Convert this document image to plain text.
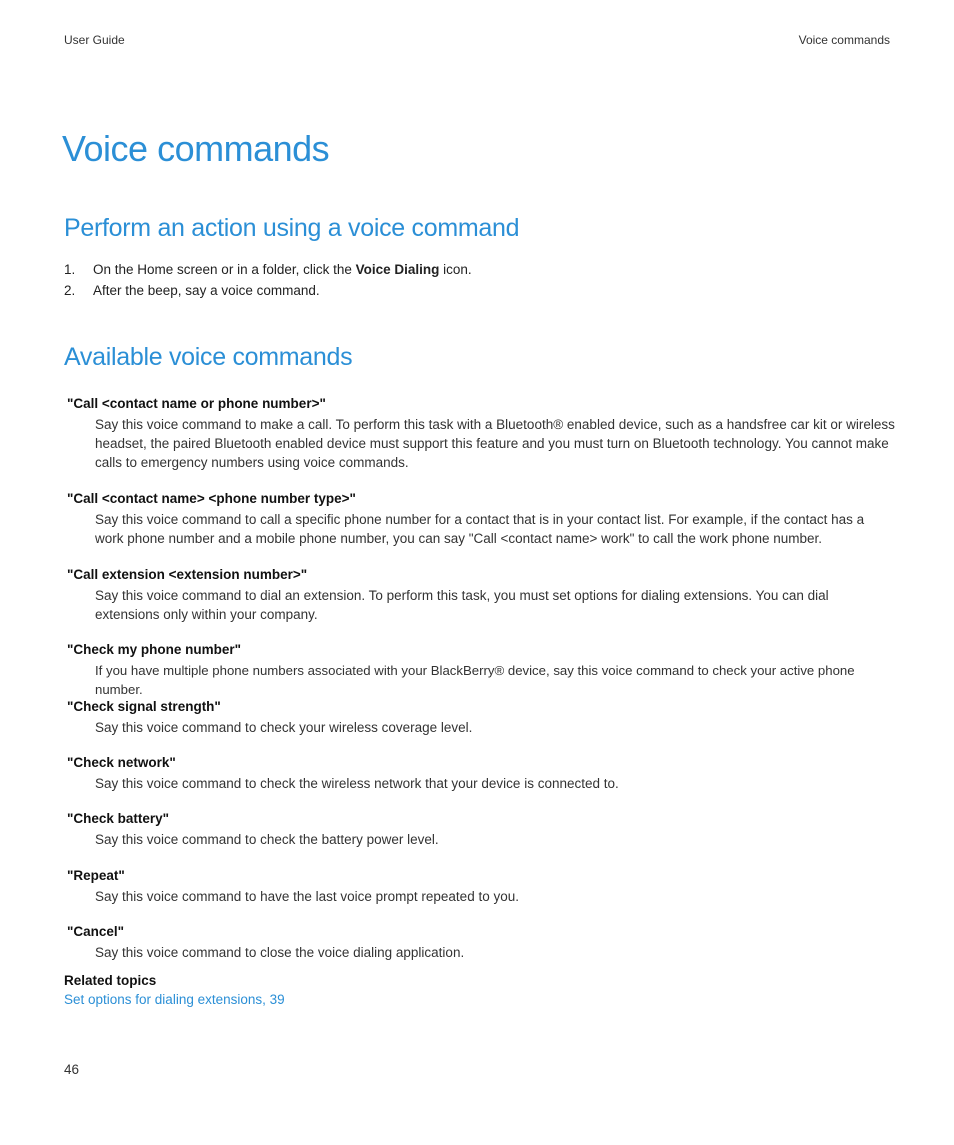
User Guide	Voice commands
Voice commands
Perform an action using a voice command
1.	On the Home screen or in a folder, click the Voice Dialing icon.
2.	After the beep, say a voice command.
Available voice commands
"Call <contact name or phone number>"
Say this voice command to make a call. To perform this task with a Bluetooth® enabled device, such as a handsfree car kit or wireless headset, the paired Bluetooth enabled device must support this feature and you must turn on Bluetooth technology. You cannot make calls to emergency numbers using voice commands.
"Call <contact name> <phone number type>"
Say this voice command to call a specific phone number for a contact that is in your contact list. For example, if the contact has a work phone number and a mobile phone number, you can say "Call <contact name> work" to call the work phone number.
"Call extension <extension number>"
Say this voice command to dial an extension. To perform this task, you must set options for dialing extensions. You can dial extensions only within your company.
"Check my phone number"
If you have multiple phone numbers associated with your BlackBerry® device, say this voice command to check your active phone number.
"Check signal strength"
Say this voice command to check your wireless coverage level.
"Check network"
Say this voice command to check the wireless network that your device is connected to.
"Check battery"
Say this voice command to check the battery power level.
"Repeat"
Say this voice command to have the last voice prompt repeated to you.
"Cancel"
Say this voice command to close the voice dialing application.
Related topics
Set options for dialing extensions, 39
46
